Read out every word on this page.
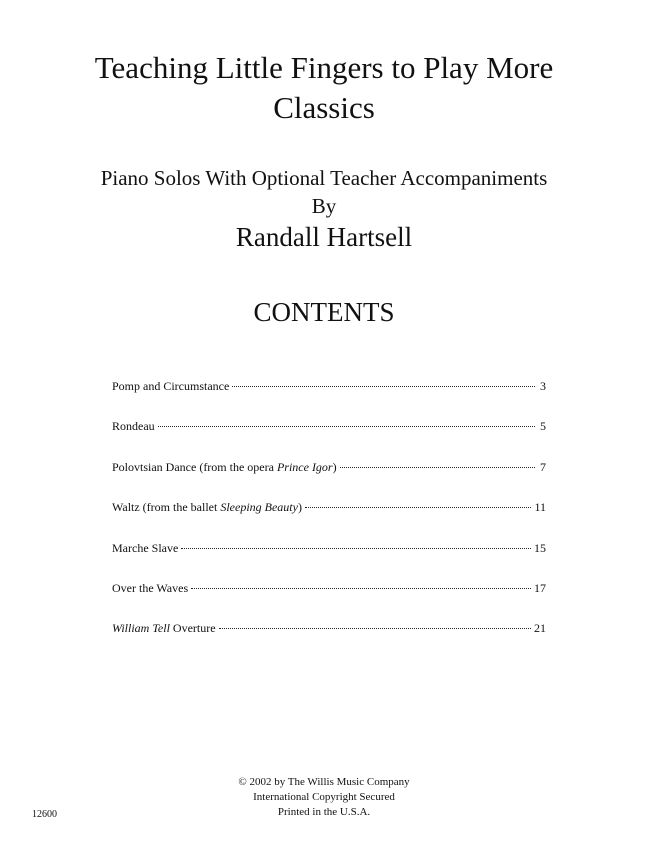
Teaching Little Fingers to Play More
Classics
Piano Solos With Optional Teacher Accompaniments
By
Randall Hartsell
CONTENTS
Pomp and Circumstance	3
Rondeau	5
Polovtsian Dance (from the opera Prince Igor)	7
Waltz (from the ballet Sleeping Beauty)	11
Marche Slave	15
Over the Waves	17
William Tell Overture	21
© 2002 by The Willis Music Company
International Copyright Secured
Printed in the U.S.A.
12600
